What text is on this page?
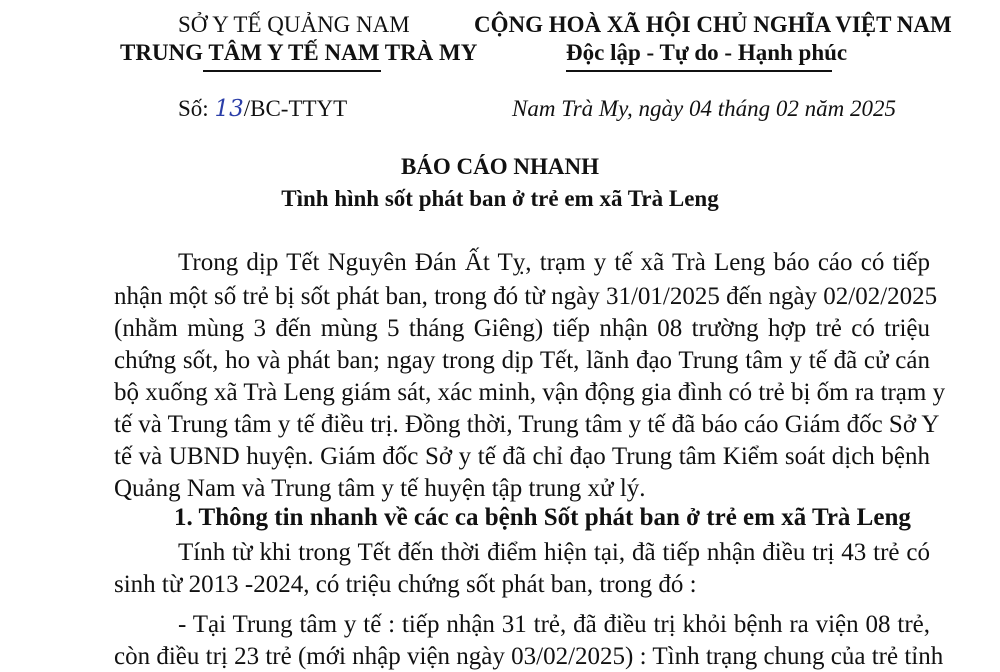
SỞ Y TẾ QUẢNG NAM
TRUNG TÂM Y TẾ NAM TRÀ MY
CỘNG HOÀ XÃ HỘI CHỦ NGHĨA VIỆT NAM
Độc lập - Tự do - Hạnh phúc
Số: 13/BC-TTYT	Nam Trà My, ngày 04 tháng 02 năm 2025
BÁO CÁO NHANH
Tình hình sốt phát ban ở trẻ em xã Trà Leng
Trong dịp Tết Nguyên Đán Ất Tỵ, trạm y tế xã Trà Leng báo cáo có tiếp
nhận một số trẻ bị sốt phát ban, trong đó từ ngày 31/01/2025 đến ngày 02/02/2025
(nhằm mùng 3 đến mùng 5 tháng Giêng) tiếp nhận 08 trường hợp trẻ có triệu
chứng sốt, ho và phát ban; ngay trong dịp Tết, lãnh đạo Trung tâm y tế đã cử cán
bộ xuống xã Trà Leng giám sát, xác minh, vận động gia đình có trẻ bị ốm ra trạm y
tế và Trung tâm y tế điều trị. Đồng thời, Trung tâm y tế đã báo cáo Giám đốc Sở Y
tế và UBND huyện. Giám đốc Sở y tế đã chỉ đạo Trung tâm Kiểm soát dịch bệnh
Quảng Nam và Trung tâm y tế huyện tập trung xử lý.
1. Thông tin nhanh về các ca bệnh Sốt phát ban ở trẻ em xã Trà Leng
Tính từ khi trong Tết đến thời điểm hiện tại, đã tiếp nhận điều trị 43 trẻ có
sinh từ 2013 -2024, có triệu chứng sốt phát ban, trong đó :
- Tại Trung tâm y tế : tiếp nhận 31 trẻ, đã điều trị khỏi bệnh ra viện 08 trẻ,
còn điều trị 23 trẻ (mới nhập viện ngày 03/02/2025) : Tình trạng chung của trẻ tỉnh
